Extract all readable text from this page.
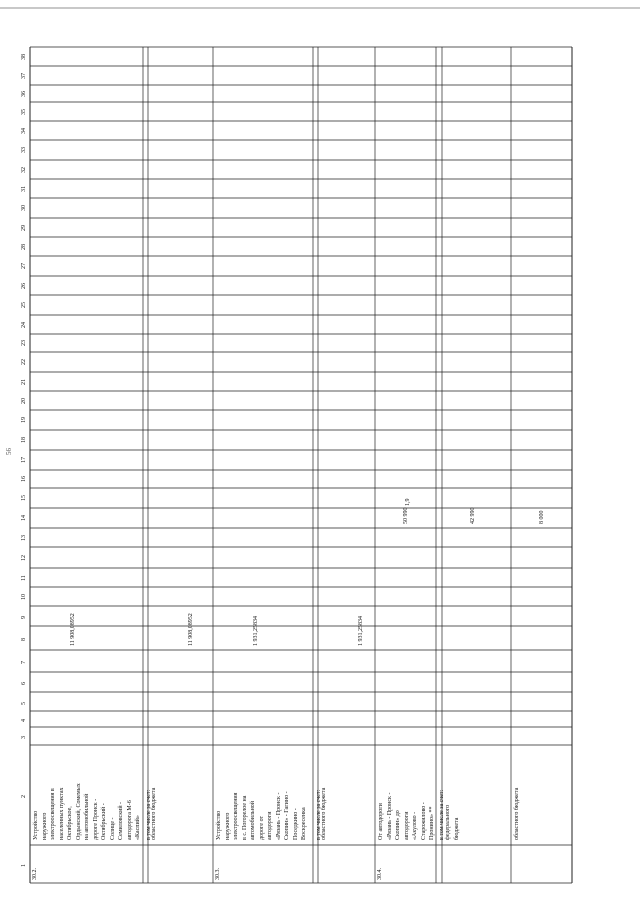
1
2
3
4
5
6
7
8
9
10
11
12
13
14
15
16
17
18
19
20
21
22
23
24
25
26
27
28
29
30
31
32
33
34
35
36
37
38
30.2.
Устройство
наружного
электроосвещения в
населенных пунктах
Октябрьское,
Ордынский, Сомемых
на автомобильной
дороге Пронск -
Октябрьский -
Солнце -
Семиловский -
автодорога М-6
«Каспий»
11 908,08952
в том числе за счет: областного бюджета
11 908,08952
30.3.
Устройство
наружного
электроосвещения
в с. Погорелое на
автомобильной
дороге от
автодороги
«Рязань - Пронск -
Скопин» - Гагино -
Поседкино -
Воскресенка
1 931,25834
в том числе за счет: областного бюджета
1 931,25834
30.4.
От автодороги
«Рязань - Пронск -
Скопин» до
автодороги
«Акулово -
Старожилово -
Пронино» **
50 990
1,9
в том числе за счет: федерального
бюджета
42 990
областного бюджета
8 000
56
